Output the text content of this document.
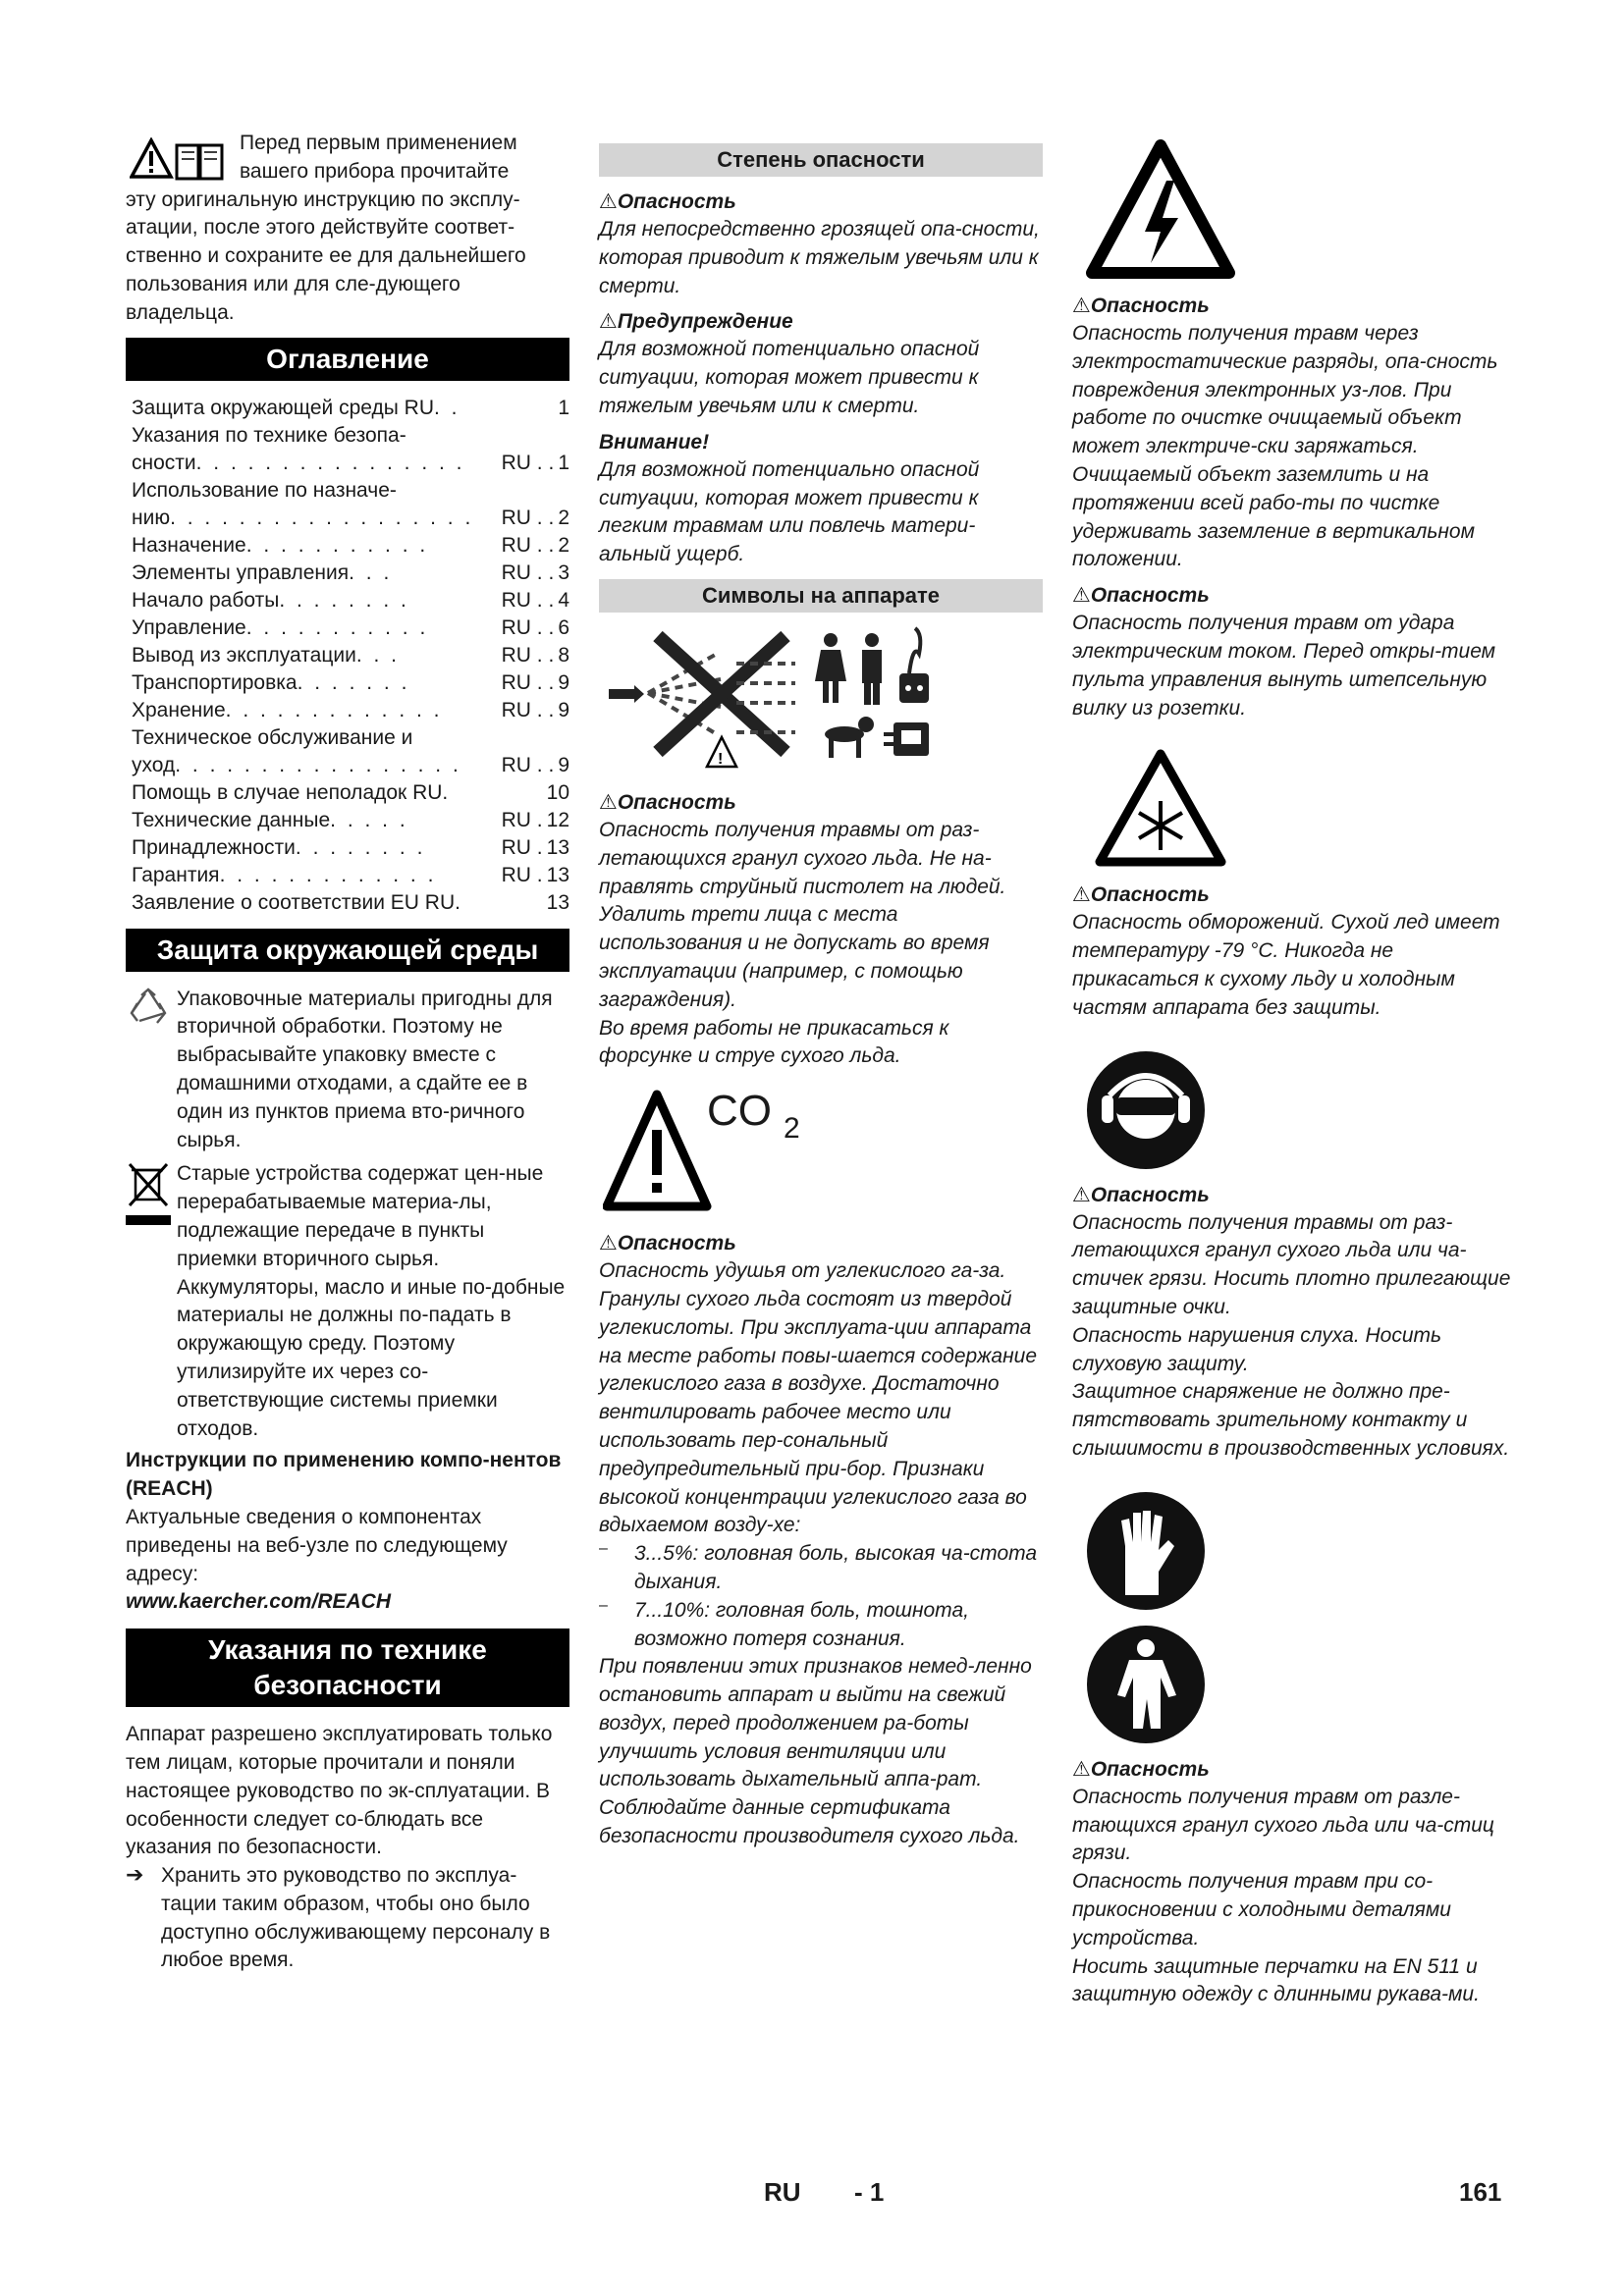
Перед первым применением

вашего прибора прочитайте

эту оригинальную инструкцию по эксплу-атации, после этого действуйте соответ-ственно и сохраните ее для дальнейшего пользования или для сле-дующего владельца.

Оглавление
Защита окружающей среды RU . .	1
Указания по технике безопа-
сности . . . . . . . . . . . . . . . .	RU . . 1
Использование по назначе-
нию . . . . . . . . . . . . . . . . . .	RU . . 2
Назначение . . . . . . . . . . .	RU . . 2
Элементы управления . . .	RU . . 3
Начало работы . . . . . . . .	RU . . 4
Управление . . . . . . . . . . .	RU . . 6
Вывод из эксплуатации . . .	RU . . 8
Транспортировка . . . . . . .	RU . . 9
Хранение . . . . . . . . . . . . .	RU . . 9
Техническое обслуживание и
уход . . . . . . . . . . . . . . . . .	RU . . 9
Помощь в случае неполадок RU .	10
Технические данные . . . . .	RU . 12
Принадлежности . . . . . . . .	RU . 13
Гарантия . . . . . . . . . . . . .	RU . 13
Заявление о соответствии EU RU .	13
Защита окружающей среды

Упаковочные материалы пригодны для вторичной обработки. Поэтому не выбрасывайте упаковку вместе с домашними отходами, а сдайте ее в один из пунктов приема вто-ричного сырья.

Старые устройства содержат цен-ные перерабатываемые материа-лы, подлежащие передаче в пункты приемки вторичного сырья. Аккумуляторы, масло и иные по-добные материалы не должны по-падать в окружающую среду. Поэтому утилизируйте их через со-ответствующие системы приемки отходов.

Инструкции по применению компо-нентов (REACH)

Актуальные сведения о компонентах приведены на веб-узле по следующему адресу:

www.kaercher.com/REACH

Указания по технике безопасности

Аппарат разрешено эксплуатировать только тем лицам, которые прочитали и поняли настоящее руководство по эк-сплуатации. В особенности следует со-блюдать все указания по безопасности.

➔ Хранить это руководство по эксплуа-тации таким образом, чтобы оно было доступно обслуживающему персоналу в любое время.

Степень опасности

⚠Опасность

Для непосредственно грозящей опа-сности, которая приводит к тяжелым увечьям или к смерти.

⚠Предупреждение

Для возможной потенциально опасной ситуации, которая может привести к тяжелым увечьям или к смерти.

Внимание!

Для возможной потенциально опасной ситуации, которая может привести к легким травмам или повлечь матери-альный ущерб.

Символы на аппарате
!

⚠Опасность

Опасность получения травмы от раз-летающихся гранул сухого льда. Не на-правлять струйный пистолет на людей. Удалить трети лица с места использования и не допускать во время эксплуатации (например, с помощью заграждения).

Во время работы не прикасаться к форсунке и струе сухого льда.

CO 2

⚠Опасность

Опасность удушья от углекислого га-за. Гранулы сухого льда состоят из твердой углекислоты. При эксплуата-ции аппарата на месте работы повы-шается содержание углекислого газа в воздухе. Достаточно вентилировать рабочее место или использовать пер-сональный предупредительный при-бор. Признаки высокой концентрации углекислого газа во вдыхаемом возду-хе:

–	3...5%: головная боль, высокая ча-стота дыхания.

–	7...10%: головная боль, тошнота, возможно потеря сознания.

При появлении этих признаков немед-ленно остановить аппарат и выйти на свежий воздух, перед продолжением ра-боты улучшить условия вентиляции или использовать дыхательный аппа-рат.

Соблюдайте данные сертификата безопасности производителя сухого льда.

⚠Опасность

Опасность получения травм через электростатические разряды, опа-сность повреждения электронных уз-лов. При работе по очистке очищаемый объект может электриче-ски заряжаться. Очищаемый объект заземлить и на протяжении всей рабо-ты по чистке удерживать заземление в вертикальном положении.

⚠Опасность

Опасность получения травм от удара электрическим током. Перед откры-тием пульта управления вынуть штепсельную вилку из розетки.

⚠Опасность

Опасность обморожений. Сухой лед имеет температуру -79 °C. Никогда не прикасаться к сухому льду и холодным частям аппарата без защиты.

⚠Опасность

Опасность получения травмы от раз-летающихся гранул сухого льда или ча-стичек грязи. Носить плотно прилегающие защитные очки.

Опасность нарушения слуха. Носить слуховую защиту.

Защитное снаряжение не должно пре-пятствовать зрительному контакту и слышимости в производственных условиях.

⚠Опасность

Опасность получения травм от разле-тающихся гранул сухого льда или ча-стиц грязи.

Опасность получения травм при со-прикосновении с холодными деталями устройства.

Носить защитные перчатки на EN 511 и защитную одежду с длинными рукава-ми.

RU - 1	161
